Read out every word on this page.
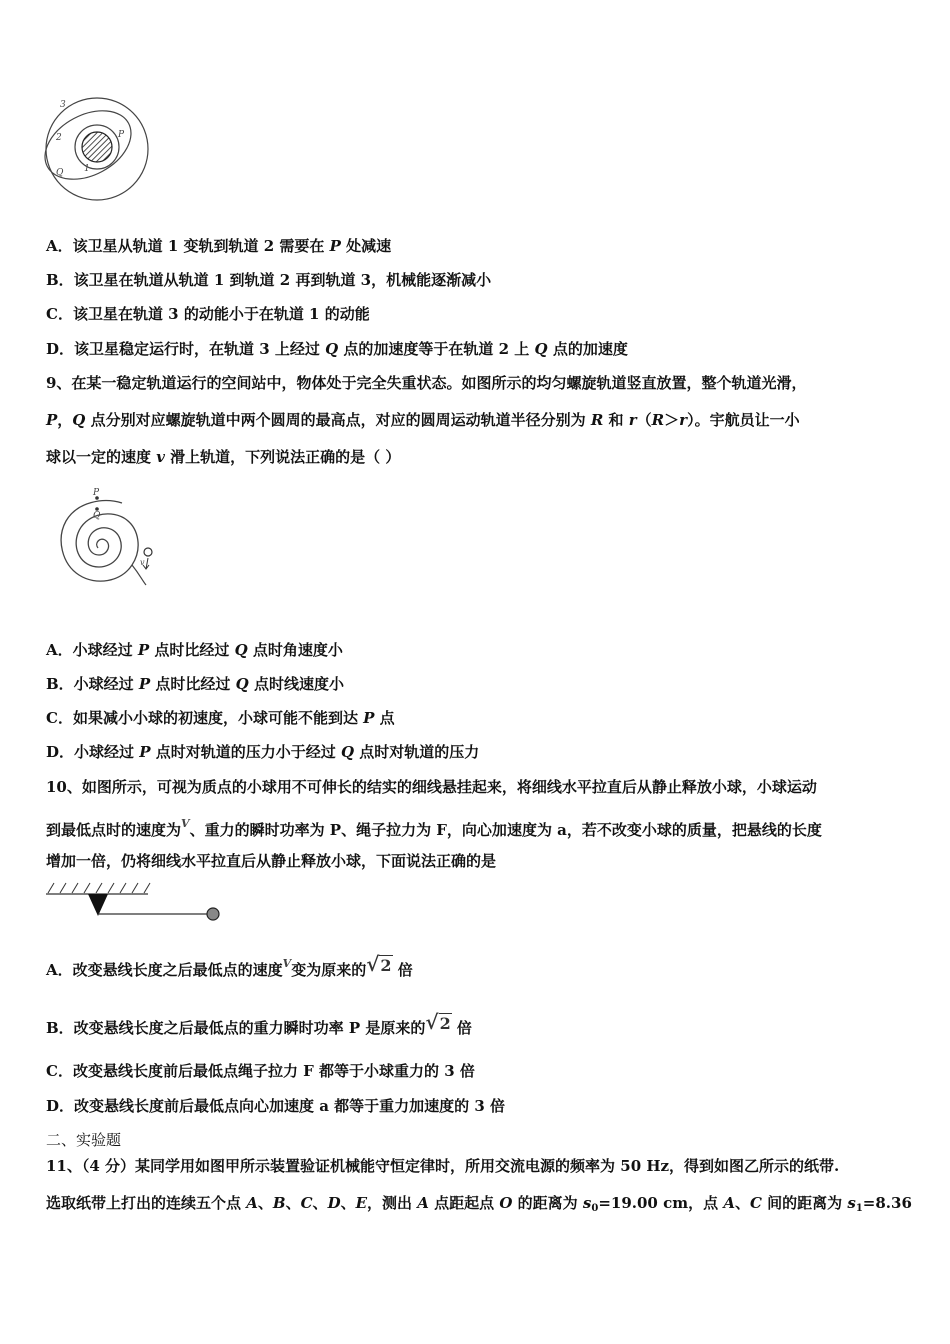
3
2	P
Q 1
A．该卫星从轨道 1 变轨到轨道 2 需要在 P 处减速
B．该卫星在轨道从轨道 1 到轨道 2 再到轨道 3，机械能逐渐减小
C．该卫星在轨道 3 的动能小于在轨道 1 的动能
D．该卫星稳定运行时，在轨道 3 上经过 Q 点的加速度等于在轨道 2 上 Q 点的加速度
9、在某一稳定轨道运行的空间站中，物体处于完全失重状态。如图所示的均匀螺旋轨道竖直放置，整个轨道光滑，
P，Q 点分别对应螺旋轨道中两个圆周的最高点，对应的圆周运动轨道半径分别为 R 和 r（R＞r）。宇航员让一小
球以一定的速度 v 滑上轨道，下列说法正确的是（ ）
P
Q
v
A．小球经过 P 点时比经过 Q 点时角速度小
B．小球经过 P 点时比经过 Q 点时线速度小
C．如果减小小球的初速度，小球可能不能到达 P 点
D．小球经过 P 点时对轨道的压力小于经过 Q 点时对轨道的压力
10、如图所示，可视为质点的小球用不可伸长的结实的细线悬挂起来，将细线水平拉直后从静止释放小球，小球运动
到最低点时的速度为$^V$、重力的瞬时功率为 P、绳子拉力为 F，向心加速度为 a，若不改变小球的质量，把悬线的长度
增加一倍，仍将细线水平拉直后从静止释放小球，下面说法正确的是
A．改变悬线长度之后最低点的速度$^V$变为原来的√2 倍
B．改变悬线长度之后最低点的重力瞬时功率 P 是原来的√2 倍
C．改变悬线长度前后最低点绳子拉力 F 都等于小球重力的 3 倍
D．改变悬线长度前后最低点向心加速度 a 都等于重力加速度的 3 倍
二、实验题
11、（4 分）某同学用如图甲所示装置验证机械能守恒定律时，所用交流电源的频率为 50 Hz，得到如图乙所示的纸带.
选取纸带上打出的连续五个点 A、B、C、D、E，测出 A 点距起点 O 的距离为 $s_0=19.00$ cm，点 A、C 间的距离为 $s_1=8.36$
